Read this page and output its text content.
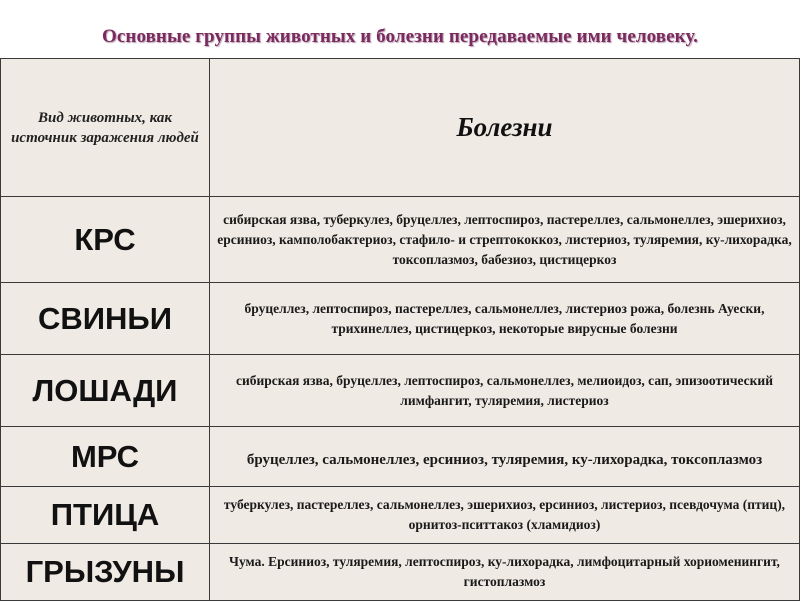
Основные группы животных и болезни передаваемые ими человеку.
Вид животных, как источник заражения людей	Болезни
КРС	сибирская язва, туберкулез, бруцеллез, лептоспироз, пастереллез, сальмонеллез, эшерихиоз, ерсиниоз, камполобактериоз, стафило- и стрептококкоз, листериоз, туляремия, ку-лихорадка, токсоплазмоз, бабезиоз, цистицеркоз
СВИНЬИ	бруцеллез, лептоспироз, пастереллез, сальмонеллез, листериоз рожа, болезнь Ауески, трихинеллез, цистицеркоз, некоторые вирусные болезни
ЛОШАДИ	сибирская язва, бруцеллез, лептоспироз, сальмонеллез, мелиоидоз, сап, эпизоотический лимфангит, туляремия, листериоз
МРС	бруцеллез, сальмонеллез, ерсиниоз, туляремия, ку-лихорадка, токсоплазмоз
ПТИЦА	туберкулез, пастереллез, сальмонеллез, эшерихиоз, ерсиниоз, листериоз, псевдочума (птиц), орнитоз-пситтакоз (хламидиоз)
ГРЫЗУНЫ	Чума. Ерсиниоз, туляремия, лептоспироз, ку-лихорадка, лимфоцитарный хориоменингит, гистоплазмоз
